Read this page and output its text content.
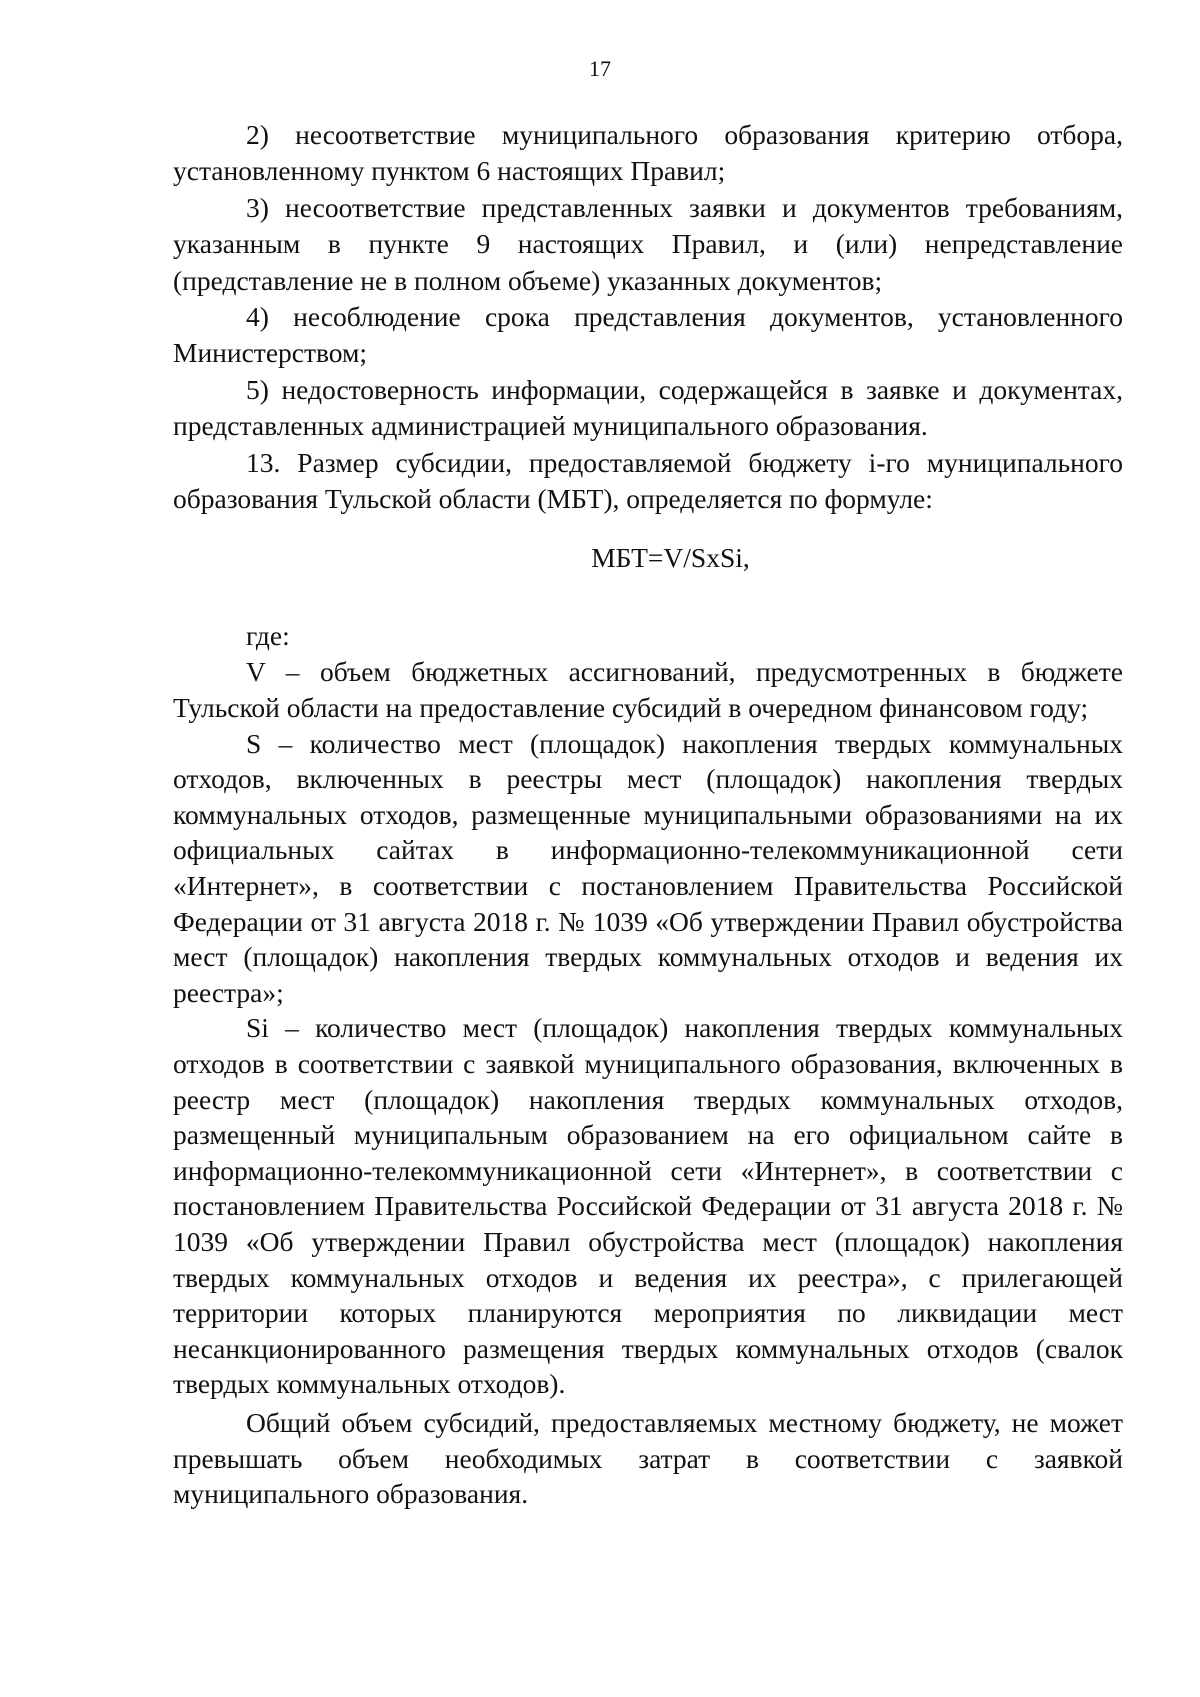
17

2) несоответствие муниципального образования критерию отбора, установленному пунктом 6 настоящих Правил;

3) несоответствие представленных заявки и документов требованиям, указанным в пункте 9 настоящих Правил, и (или) непредставление (представление не в полном объеме) указанных документов;

4) несоблюдение срока представления документов, установленного Министерством;

5) недостоверность информации, содержащейся в заявке и документах, представленных администрацией муниципального образования.

13. Размер субсидии, предоставляемой бюджету i-го муниципального образования Тульской области (МБТ), определяется по формуле:

МБТ=V/SxSi,

где:

V – объем бюджетных ассигнований, предусмотренных в бюджете Тульской области на предоставление субсидий в очередном финансовом году;

S – количество мест (площадок) накопления твердых коммунальных отходов, включенных в реестры мест (площадок) накопления твердых коммунальных отходов, размещенные муниципальными образованиями на их официальных сайтах в информационно-телекоммуникационной сети «Интернет», в соответствии с постановлением Правительства Российской Федерации от 31 августа 2018 г. № 1039 «Об утверждении Правил обустройства мест (площадок) накопления твердых коммунальных отходов и ведения их реестра»;

Si – количество мест (площадок) накопления твердых коммунальных отходов в соответствии с заявкой муниципального образования, включенных в реестр мест (площадок) накопления твердых коммунальных отходов, размещенный муниципальным образованием на его официальном сайте в информационно-телекоммуникационной сети «Интернет», в соответствии с постановлением Правительства Российской Федерации от 31 августа 2018 г. № 1039 «Об утверждении Правил обустройства мест (площадок) накопления твердых коммунальных отходов и ведения их реестра», с прилегающей территории которых планируются мероприятия по ликвидации мест несанкционированного размещения твердых коммунальных отходов (свалок твердых коммунальных отходов).

Общий объем субсидий, предоставляемых местному бюджету, не может превышать объем необходимых затрат в соответствии с заявкой муниципального образования.
